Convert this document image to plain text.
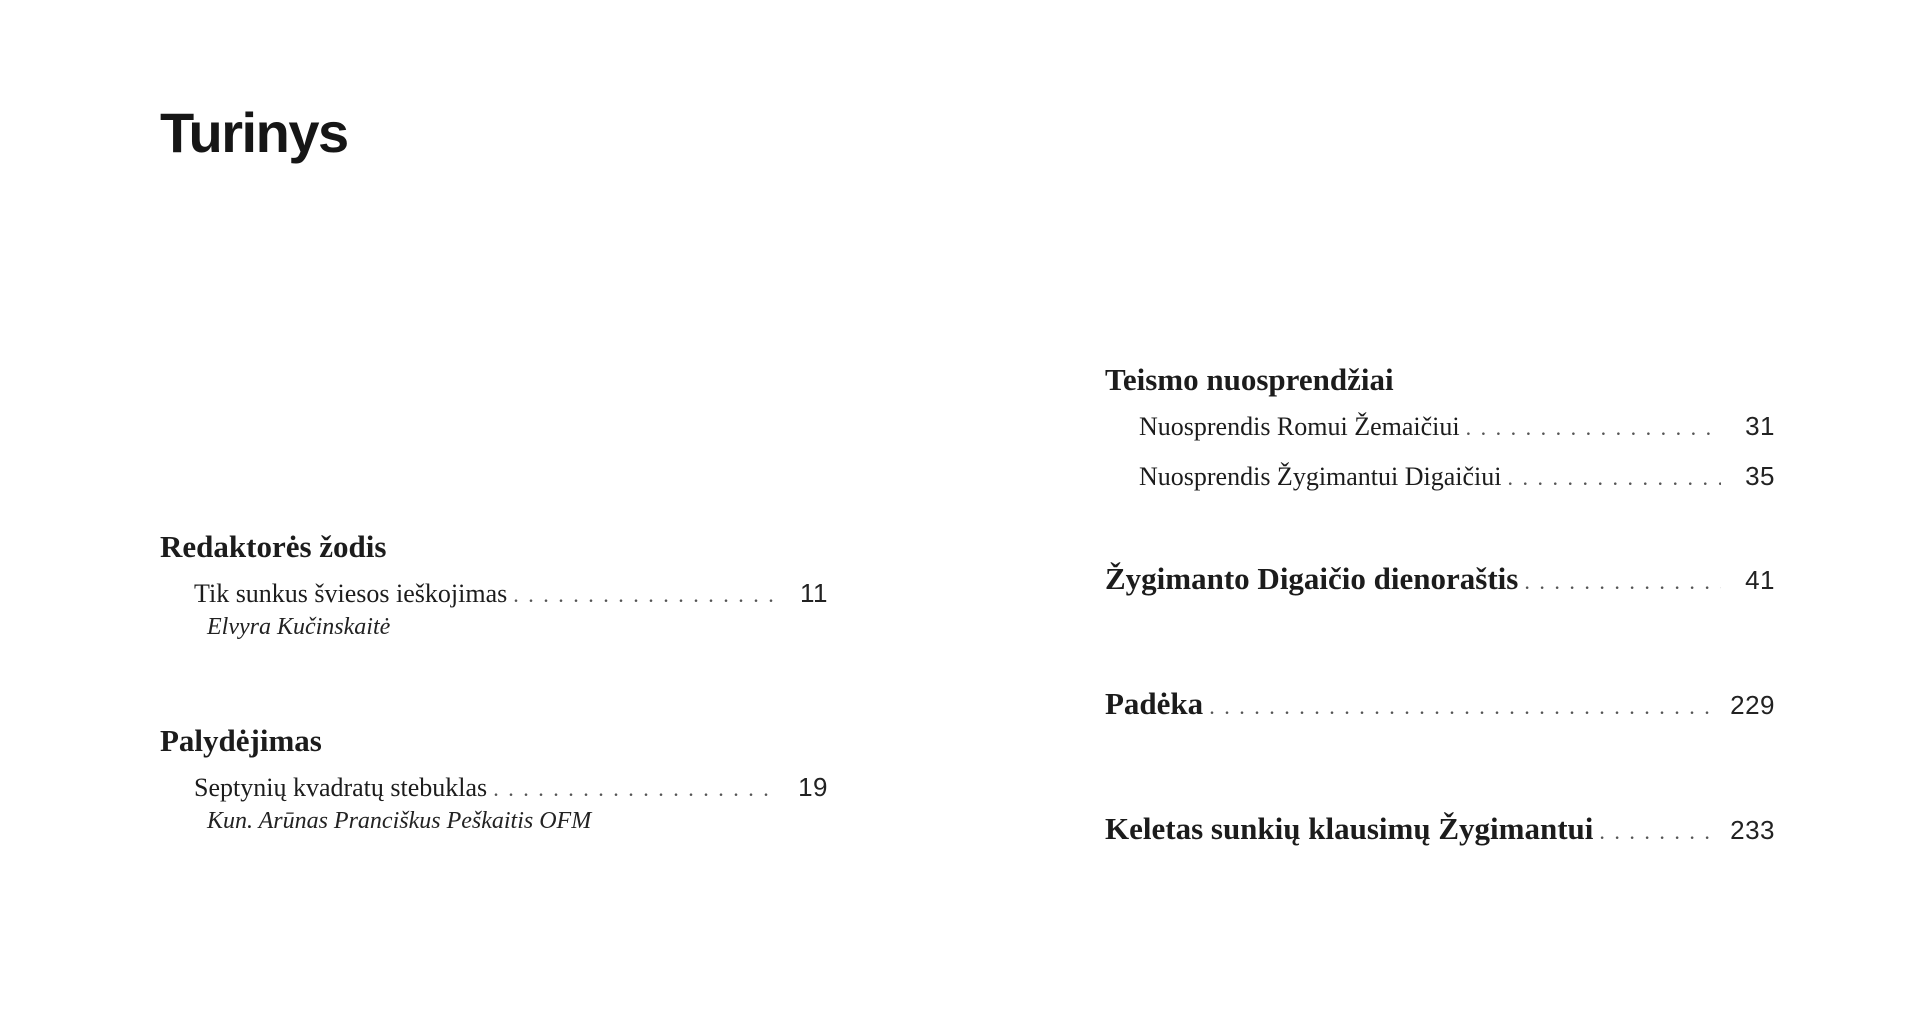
Turinys
Redaktorės žodis
Tik sunkus šviesos ieškojimas . . .	11
Elvyra Kučinskaitė
Palydėjimas
Septynių kvadratų stebuklas . . .	19
Kun. Arūnas Pranciškus Peškaitis OFM
Teismo nuosprendžiai
Nuosprendis Romui Žemaičiui . . .	31
Nuosprendis Žygimantui Digaičiui . . .	35
Žygimanto Digaičio dienoraštis . . .	41
Padėka . . .	229
Keletas sunkių klausimų Žygimantui . . .	233
